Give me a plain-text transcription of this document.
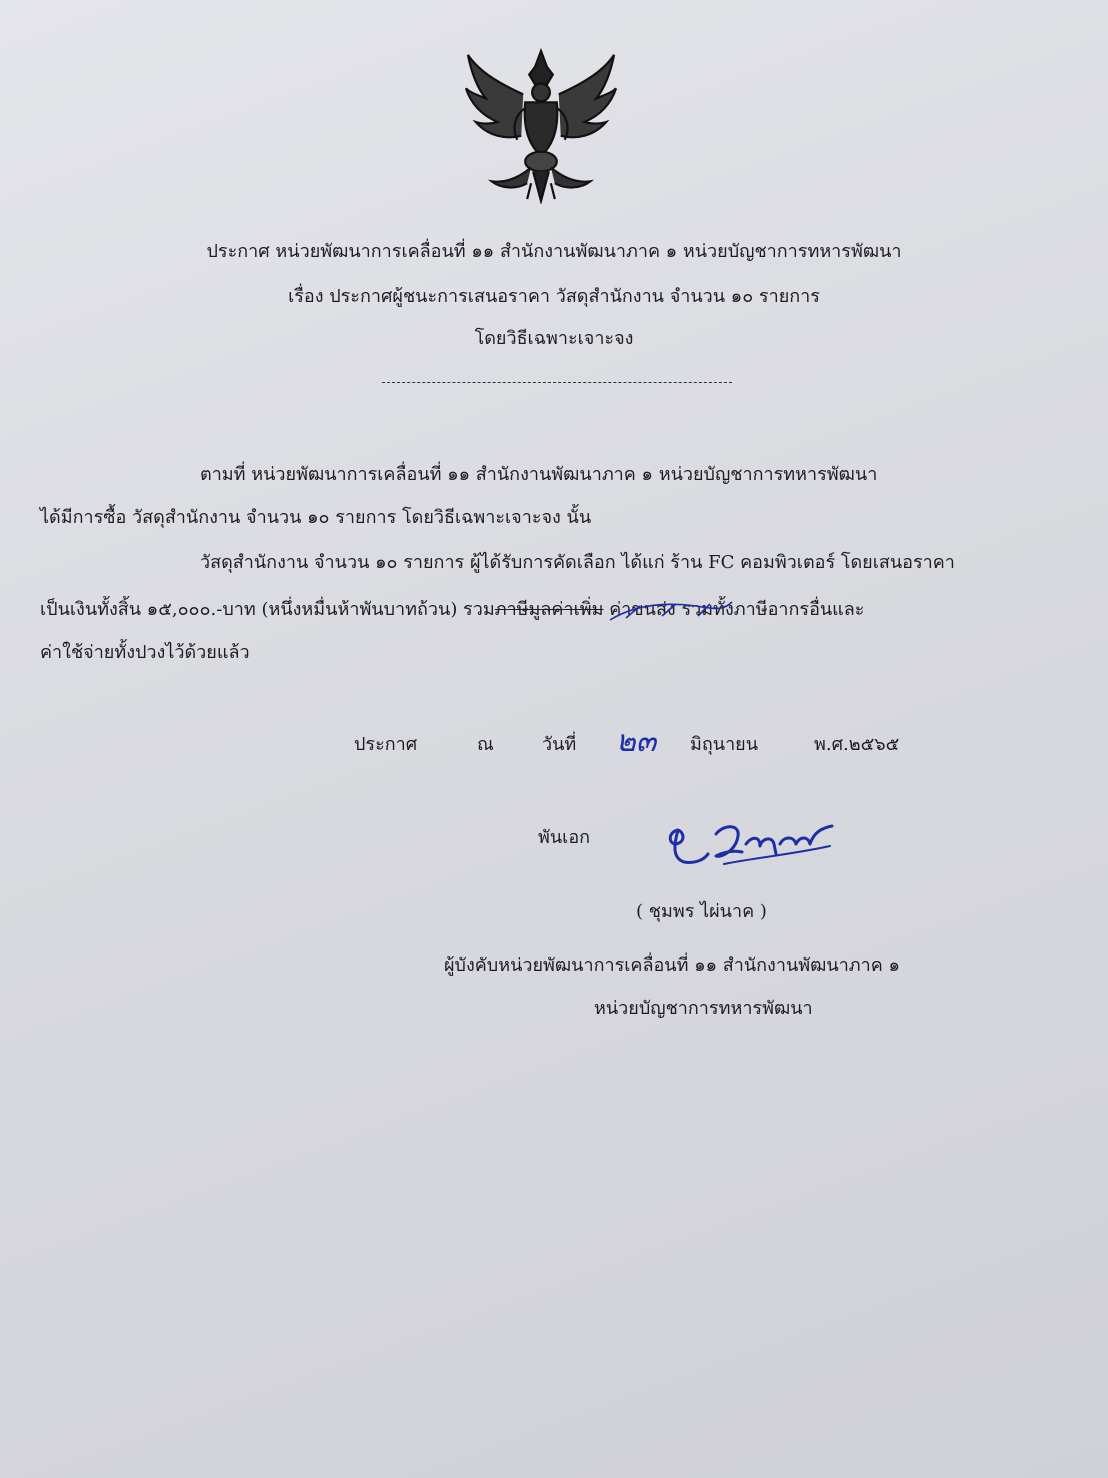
ประกาศ หน่วยพัฒนาการเคลื่อนที่ ๑๑ สำนักงานพัฒนาภาค ๑ หน่วยบัญชาการทหารพัฒนา
เรื่อง ประกาศผู้ชนะการเสนอราคา วัสดุสำนักงาน จำนวน ๑๐ รายการ
โดยวิธีเฉพาะเจาะจง
ตามที่ หน่วยพัฒนาการเคลื่อนที่ ๑๑ สำนักงานพัฒนาภาค ๑ หน่วยบัญชาการทหารพัฒนา
ได้มีการซื้อ วัสดุสำนักงาน จำนวน ๑๐ รายการ โดยวิธีเฉพาะเจาะจง นั้น
วัสดุสำนักงาน จำนวน ๑๐ รายการ ผู้ได้รับการคัดเลือก ได้แก่ ร้าน FC คอมพิวเตอร์ โดยเสนอราคา
เป็นเงินทั้งสิ้น ๑๕,๐๐๐.-บาท (หนึ่งหมื่นห้าพันบาทถ้วน) รวมภาษีมูลค่าเพิ่ม ค่าขนส่ง รวมทั้งภาษีอากรอื่นและ
ค่าใช้จ่ายทั้งปวงไว้ด้วยแล้ว
ประกาศ	ณ	วันที่ ๒๓ มิถุนายน	พ.ศ.๒๕๖๕
พันเอก
( ชุมพร ไผ่นาค )
ผู้บังคับหน่วยพัฒนาการเคลื่อนที่ ๑๑ สำนักงานพัฒนาภาค ๑
หน่วยบัญชาการทหารพัฒนา
